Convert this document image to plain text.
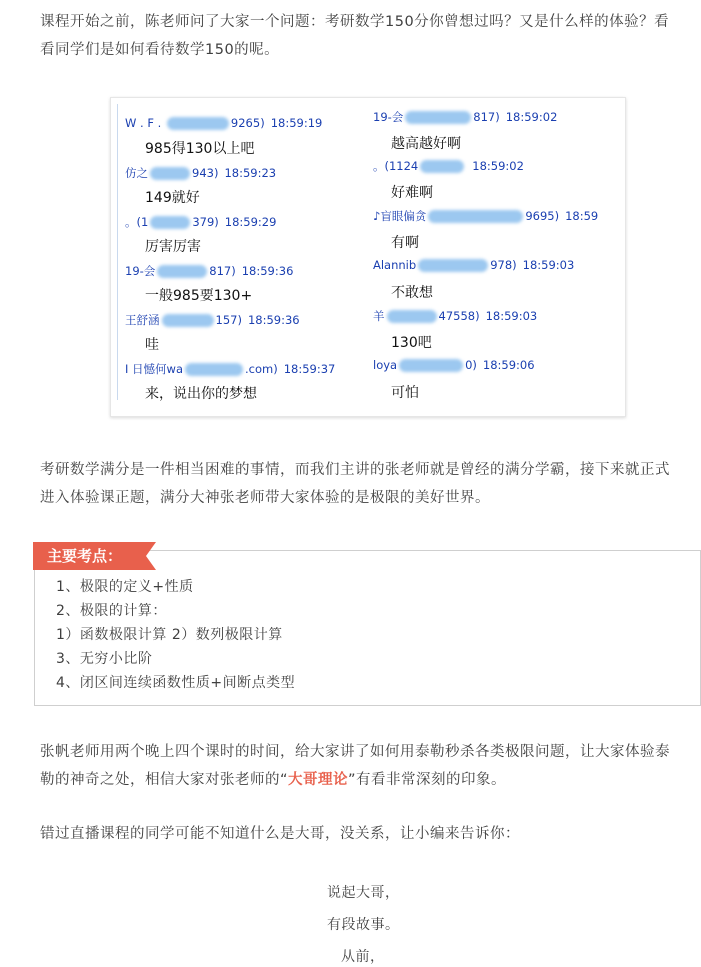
课程开始之前，陈老师问了大家一个问题：考研数学150分你曾想过吗？又是什么样的体验？看看同学们是如何看待数学150的呢。
W . F .	9265) 18:59:19
985得130以上吧
仿之	943) 18:59:23
149就好
。(1	379) 18:59:29
厉害厉害
19-会	817) 18:59:36
一般985要130+
王舒涵	157) 18:59:36
哇
Ⅰ 日憾何wa	.com) 18:59:37
来，说出你的梦想
19-会	817) 18:59:02
越高越好啊
。(1124	18:59:02
好难啊
♪盲眼偏贪	9695) 18:59
有啊
Alannib	978) 18:59:03
不敢想
羊	47558) 18:59:03
130吧
loya	0) 18:59:06
可怕
考研数学满分是一件相当困难的事情，而我们主讲的张老师就是曾经的满分学霸，接下来就正式进入体验课正题，满分大神张老师带大家体验的是极限的美好世界。
主要考点：
1、极限的定义+性质
2、极限的计算：
1）函数极限计算 2）数列极限计算
3、无穷小比阶
4、闭区间连续函数性质+间断点类型
张帆老师用两个晚上四个课时的时间，给大家讲了如何用泰勒秒杀各类极限问题，让大家体验泰勒的神奇之处，相信大家对张老师的“大哥理论”有看非常深刻的印象。
错过直播课程的同学可能不知道什么是大哥，没关系，让小编来告诉你：
说起大哥，
有段故事。
从前，
